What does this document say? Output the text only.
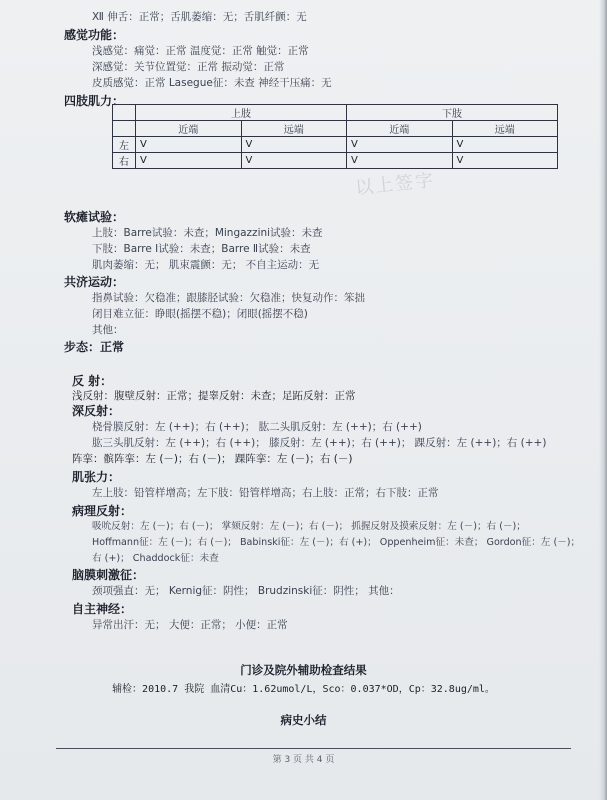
Ⅻ 伸舌：正常；舌肌萎缩：无；舌肌纤颤：无
感觉功能：
浅感觉：痛觉：正常 温度觉：正常 触觉：正常
深感觉：关节位置觉：正常 振动觉：正常
皮质感觉：正常 Lasegue征：未查 神经干压痛：无
四肢肌力：
	上肢		下肢	
	近端	远端	近端	远端
左	V	V	V	V
右	V	V	V	V
以上签字
软瘫试验：
上肢：Barre试验：未查；Mingazzini试验：未查
下肢：Barre Ⅰ试验：未查；Barre Ⅱ试验：未查
肌肉萎缩：无； 肌束震颤：无； 不自主运动：无
共济运动：
指鼻试验：欠稳准；跟膝胫试验：欠稳准；快复动作：笨拙
闭目难立征：睁眼(摇摆不稳)；闭眼(摇摆不稳)
其他：
步态：正常
反 射：
浅反射：腹壁反射：正常；提睾反射：未查；足跖反射：正常
深反射：
桡骨膜反射：左 (++)；右 (++)； 肱二头肌反射：左 (++)；右 (++)
肱三头肌反射：左 (++)；右 (++)； 膝反射：左 (++)；右 (++)； 踝反射：左 (++)；右 (++)
阵挛：髌阵挛：左 (－)；右 (－)； 踝阵挛：左 (－)；右 (－)
肌张力：
左上肢：铅管样增高；左下肢：铅管样增高；右上肢：正常；右下肢：正常
病理反射：
吸吮反射：左 (－)；右 (－)； 掌颏反射：左 (－)；右 (－)； 抓握反射及摸索反射：左 (－)；右 (－)；
Hoffmann征：左 (－)；右 (－)； Babinski征：左 (－)；右 (+)； Oppenheim征：未查； Gordon征：左 (－)；
右 (+)； Chaddock征：未查
脑膜刺激征：
颈项强直：无； Kernig征：阴性； Brudzinski征：阴性； 其他：
自主神经：
异常出汗：无； 大便：正常； 小便：正常
门诊及院外辅助检查结果
辅检：2010.7 我院 血清Cu：1.62umol/L，Sco：0.037*OD，Cp：32.8ug/ml。
病史小结
第 3 页 共 4 页
